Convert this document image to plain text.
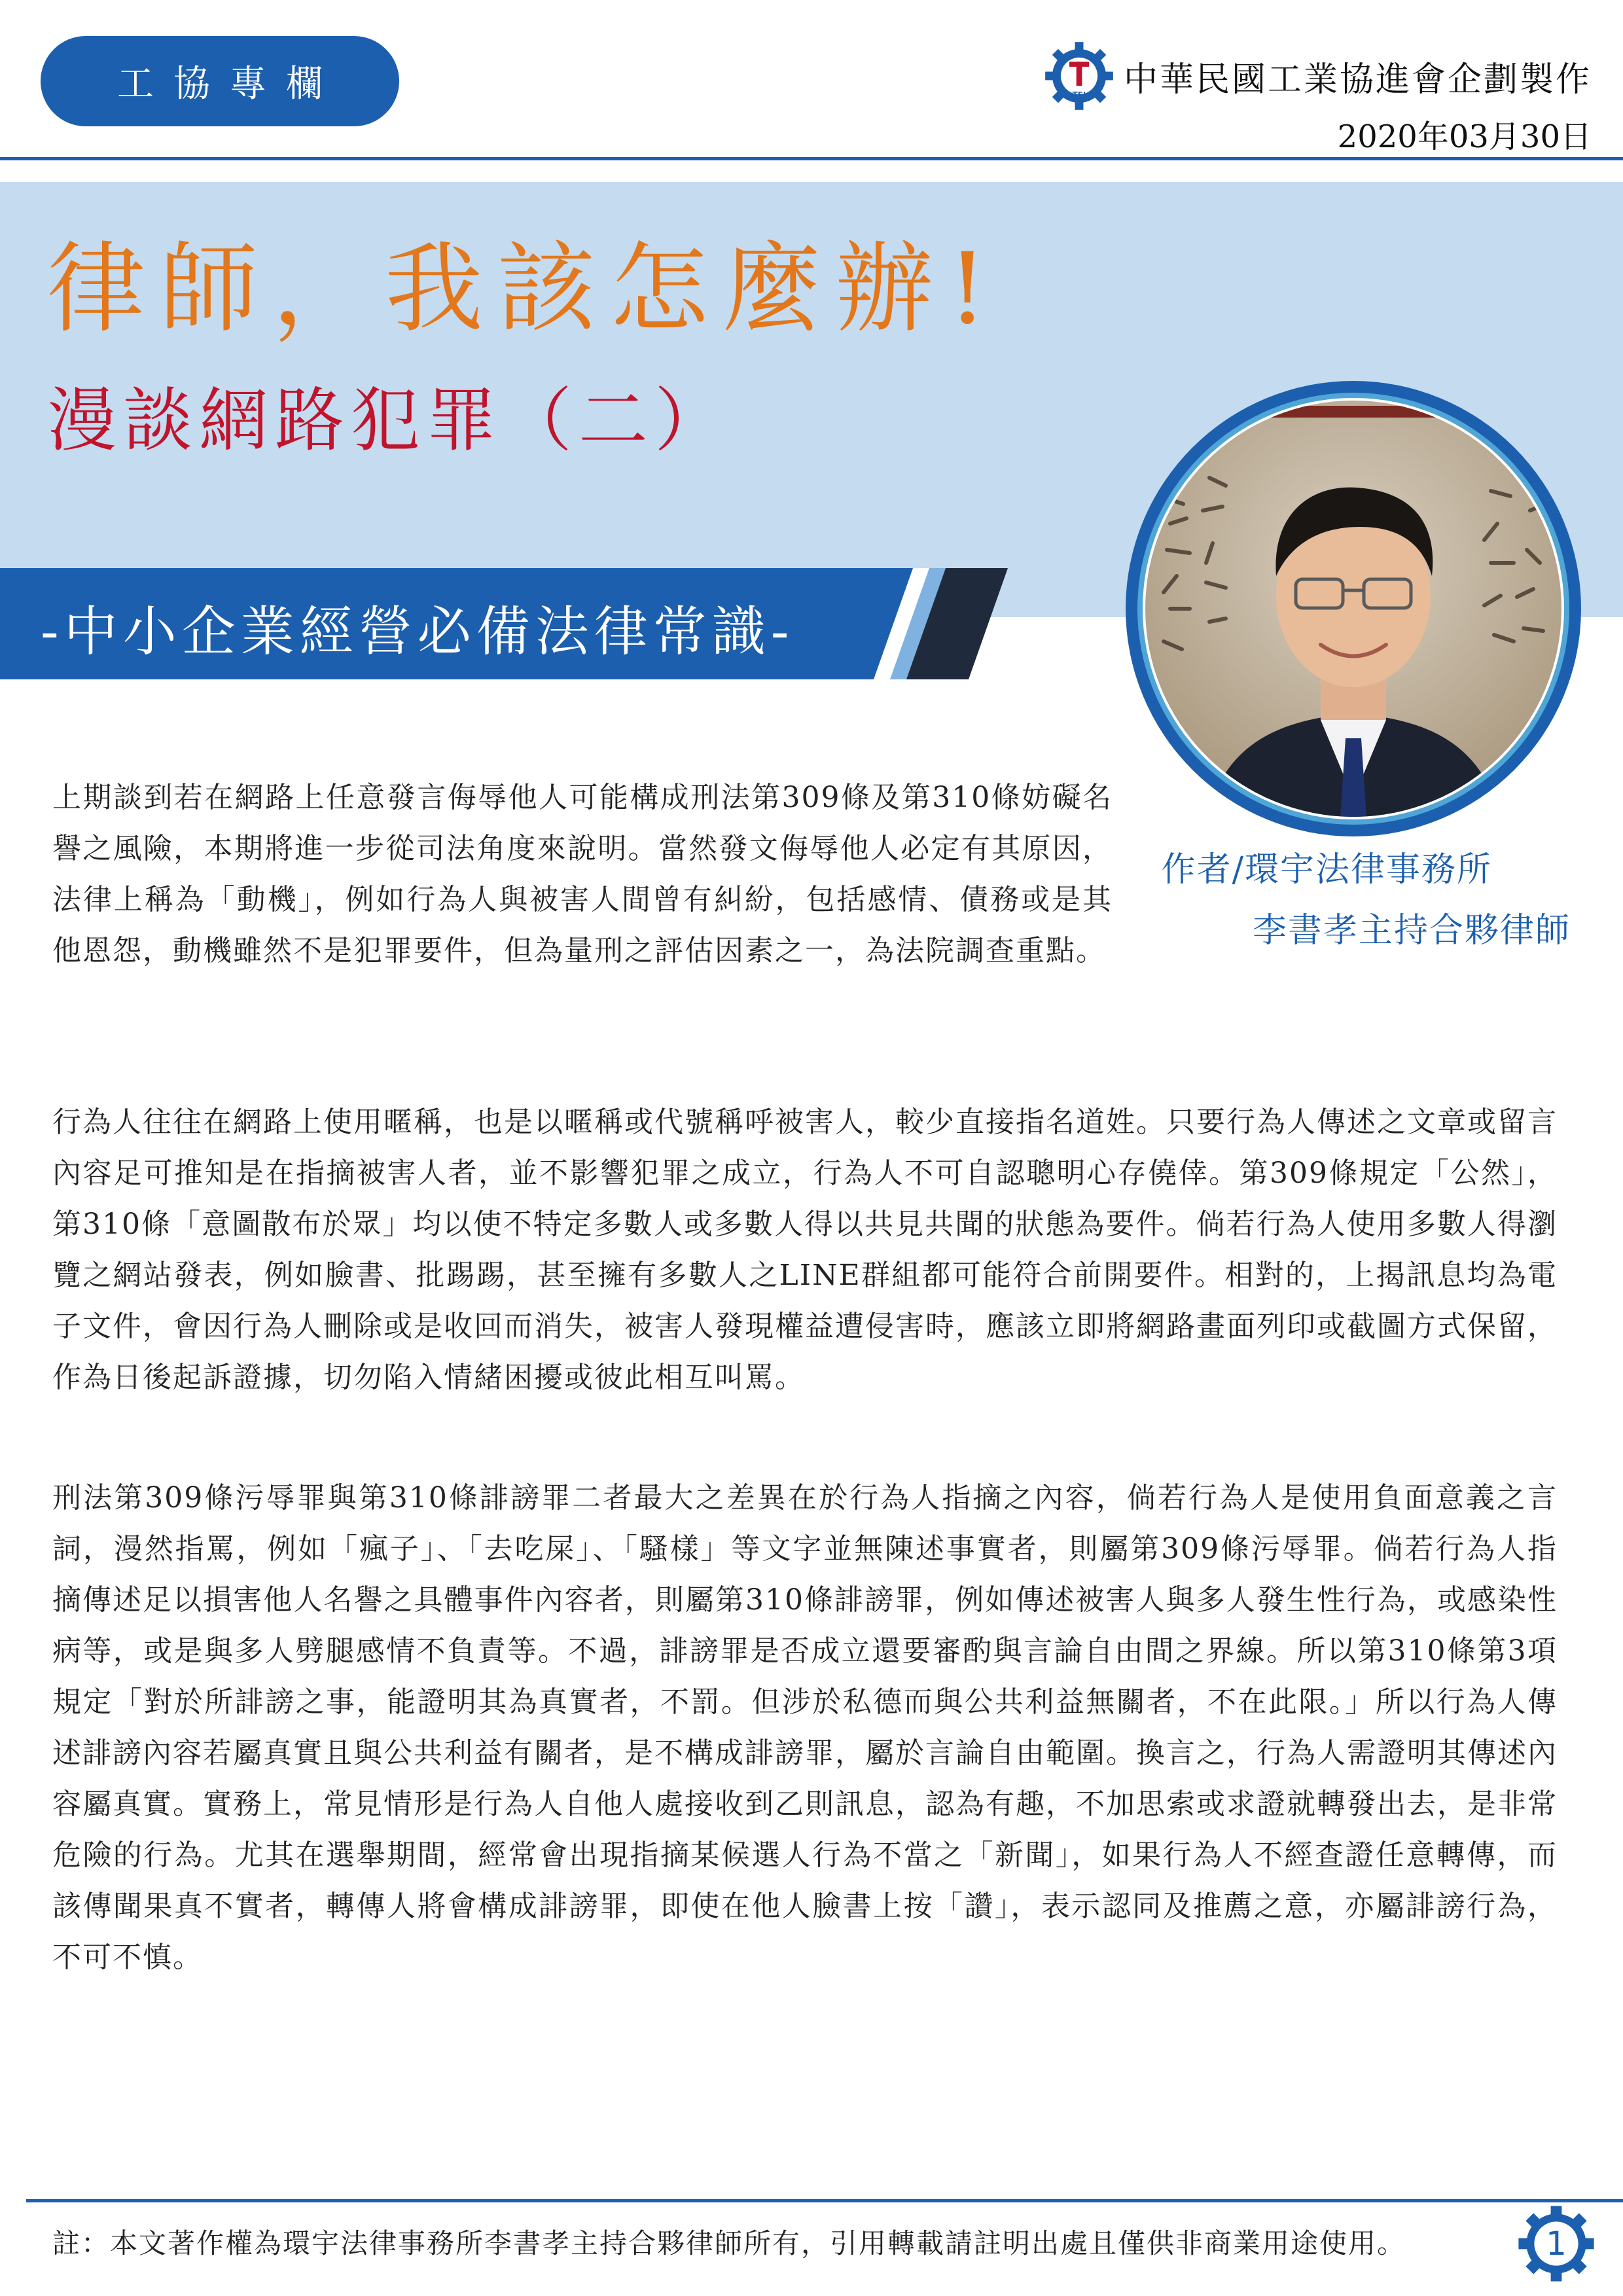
工協專欄	TFI 中華民國工業協進會企劃製作
2020年03月30日
律師，我該怎麼辦!
漫談網路犯罪（二）
-中小企業經營必備法律常識-
作者/環宇法律事務所
李書孝主持合夥律師
上期談到若在網路上任意發言侮辱他人可能構成刑法第309條及第310條妨礙名譽之風險，本期將進一步從司法角度來說明。當然發文侮辱他人必定有其原因，法律上稱為「動機」，例如行為人與被害人間曾有糾紛，包括感情、債務或是其他恩怨，動機雖然不是犯罪要件，但為量刑之評估因素之一，為法院調查重點。
行為人往往在網路上使用暱稱，也是以暱稱或代號稱呼被害人，較少直接指名道姓。只要行為人傳述之文章或留言內容足可推知是在指摘被害人者，並不影響犯罪之成立，行為人不可自認聰明心存僥倖。第309條規定「公然」，第310條「意圖散布於眾」均以使不特定多數人或多數人得以共見共聞的狀態為要件。倘若行為人使用多數人得瀏覽之網站發表，例如臉書、批踢踢，甚至擁有多數人之LINE群組都可能符合前開要件。相對的，上揭訊息均為電子文件，會因行為人刪除或是收回而消失，被害人發現權益遭侵害時，應該立即將網路畫面列印或截圖方式保留，作為日後起訴證據，切勿陷入情緒困擾或彼此相互叫罵。
刑法第309條污辱罪與第310條誹謗罪二者最大之差異在於行為人指摘之內容，倘若行為人是使用負面意義之言詞，漫然指罵，例如「瘋子」、「去吃屎」、「騷樣」等文字並無陳述事實者，則屬第309條污辱罪。倘若行為人指摘傳述足以損害他人名譽之具體事件內容者，則屬第310條誹謗罪，例如傳述被害人與多人發生性行為，或感染性病等，或是與多人劈腿感情不負責等。不過，誹謗罪是否成立還要審酌與言論自由間之界線。所以第310條第3項規定「對於所誹謗之事，能證明其為真實者，不罰。但涉於私德而與公共利益無關者，不在此限。」所以行為人傳述誹謗內容若屬真實且與公共利益有關者，是不構成誹謗罪，屬於言論自由範圍。換言之，行為人需證明其傳述內容屬真實。實務上，常見情形是行為人自他人處接收到乙則訊息，認為有趣，不加思索或求證就轉發出去，是非常危險的行為。尤其在選舉期間，經常會出現指摘某候選人行為不當之「新聞」，如果行為人不經查證任意轉傳，而該傳聞果真不實者，轉傳人將會構成誹謗罪，即使在他人臉書上按「讚」，表示認同及推薦之意，亦屬誹謗行為，不可不慎。
註：本文著作權為環宇法律事務所李書孝主持合夥律師所有，引用轉載請註明出處且僅供非商業用途使用。	1
